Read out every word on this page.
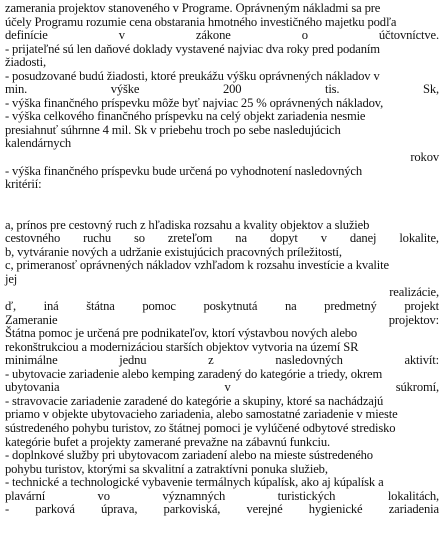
zamerania projektov stanoveného v Programe. Oprávneným nákladmi sa pre
účely Programu rozumie cena obstarania hmotného investičného majetku podľa
definície	v	zákone	o	účtovníctve.
- prijateľné sú len daňové doklady vystavené najviac dva roky pred podaním
žiadosti,
- posudzované budú žiadosti, ktoré preukážu výšku oprávnených nákladov v
min.	výške	200	tis.	Sk,
- výška finančného príspevku môže byť najviac 25 % oprávnených nákladov,
- výška celkového finančného príspevku na celý objekt zariadenia nesmie
presiahnuť súhrnne 4 mil. Sk v priebehu troch po sebe nasledujúcich
kalendárnych
rokov
- výška finančného príspevku bude určená po vyhodnotení nasledovných
kritérií:
a, prínos pre cestovný ruch z hľadiska rozsahu a kvality objektov a služieb
cestovného ruchu so zreteľom na dopyt v danej lokalite,
b, vytváranie nových a udržanie existujúcich pracovných príležitostí,
c, primeranosť oprávnených nákladov vzhľadom k rozsahu investície a kvalite
jej
realizácie,
ď, iná štátna pomoc poskytnutá na predmetný projekt
Zameranie	projektov:
Štátna pomoc je určená pre podnikateľov, ktorí výstavbou nových alebo
rekonštrukciou a modernizáciou starších objektov vytvoria na území SR
minimálne	jednu	z	nasledovných	aktivít:
- ubytovacie zariadenie alebo kemping zaradený do kategórie a triedy, okrem
ubytovania	v	súkromí,
- stravovacie zariadenie zaradené do kategórie a skupiny, ktoré sa nachádzajú
priamo v objekte ubytovacieho zariadenia, alebo samostatné zariadenie v mieste
sústredeného pohybu turistov, zo štátnej pomoci je vylúčené odbytové stredisko
kategórie bufet a projekty zamerané prevažne na zábavnú funkciu.
- doplnkové služby pri ubytovacom zariadení alebo na mieste sústredeného
pohybu turistov, ktorými sa skvalitní a zatraktívni ponuka služieb,
- technické a technologické vybavenie termálnych kúpalísk, ako aj kúpalísk a
plavární	vo	významných	turistických	lokalitách,
- parková úprava, parkoviská, verejné hygienické zariadenia
